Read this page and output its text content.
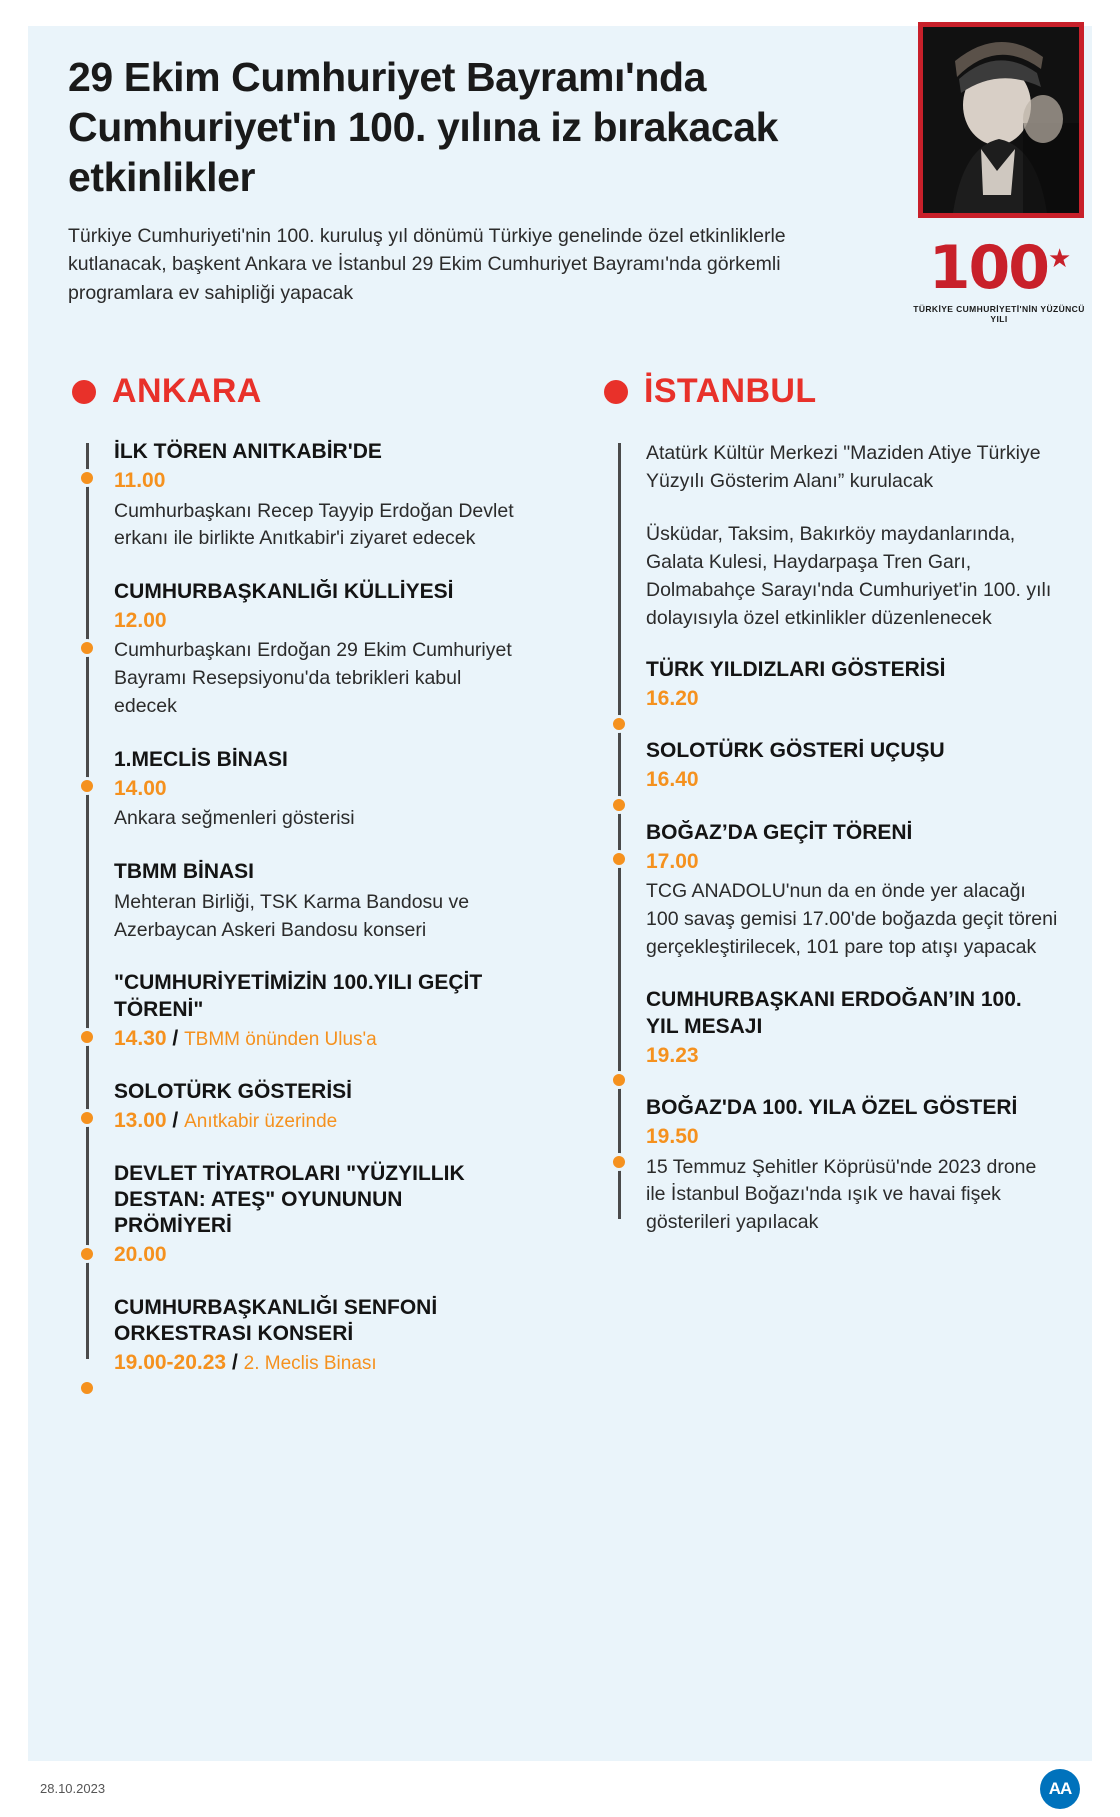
29 Ekim Cumhuriyet Bayramı'nda Cumhuriyet'in 100. yılına iz bırakacak etkinlikler

Türkiye Cumhuriyeti'nin 100. kuruluş yıl dönümü Türkiye genelinde özel etkinliklerle kutlanacak, başkent Ankara ve İstanbul 29 Ekim Cumhuriyet Bayramı'nda görkemli programlara ev sahipliği yapacak	100★
TÜRKİYE CUMHURİYETİ'NİN YÜZÜNCÜ YILI
ANKARA
İLK TÖREN ANITKABİR'DE
11.00
Cumhurbaşkanı Recep Tayyip Erdoğan Devlet erkanı ile birlikte Anıtkabir'i ziyaret edecek
CUMHURBAŞKANLIĞI KÜLLİYESİ
12.00
Cumhurbaşkanı Erdoğan 29 Ekim Cumhuriyet Bayramı Resepsiyonu'da tebrikleri kabul edecek
1.MECLİS BİNASI
14.00
Ankara seğmenleri gösterisi
TBMM BİNASI
Mehteran Birliği, TSK Karma Bandosu ve Azerbaycan Askeri Bandosu konseri
"CUMHURİYETİMİZİN 100.YILI GEÇİT TÖRENİ"
14.30 / TBMM önünden Ulus'a
SOLOTÜRK GÖSTERİSİ
13.00 / Anıtkabir üzerinde
DEVLET TİYATROLARI "YÜZYILLIK DESTAN: ATEŞ" OYUNUNUN PRÖMİYERİ
20.00
CUMHURBAŞKANLIĞI SENFONİ ORKESTRASI KONSERİ
19.00-20.23 / 2. Meclis Binası
İSTANBUL
Atatürk Kültür Merkezi "Maziden Atiye Türkiye Yüzyılı Gösterim Alanı” kurulacak
Üsküdar, Taksim, Bakırköy maydanlarında, Galata Kulesi, Haydarpaşa Tren Garı, Dolmabahçe Sarayı'nda Cumhuriyet'in 100. yılı dolayısıyla özel etkinlikler düzenlenecek
TÜRK YILDIZLARI GÖSTERİSİ
16.20
SOLOTÜRK GÖSTERİ UÇUŞU
16.40
BOĞAZ’DA GEÇİT TÖRENİ
17.00
TCG ANADOLU'nun da en önde yer alacağı 100 savaş gemisi 17.00'de boğazda geçit töreni gerçekleştirilecek, 101 pare top atışı yapacak
CUMHURBAŞKANI ERDOĞAN’IN 100. YIL MESAJI
19.23
BOĞAZ'DA 100. YILA ÖZEL GÖSTERİ
19.50
15 Temmuz Şehitler Köprüsü'nde 2023 drone ile İstanbul Boğazı'nda ışık ve havai fişek gösterileri yapılacak
28.10.2023	AA
